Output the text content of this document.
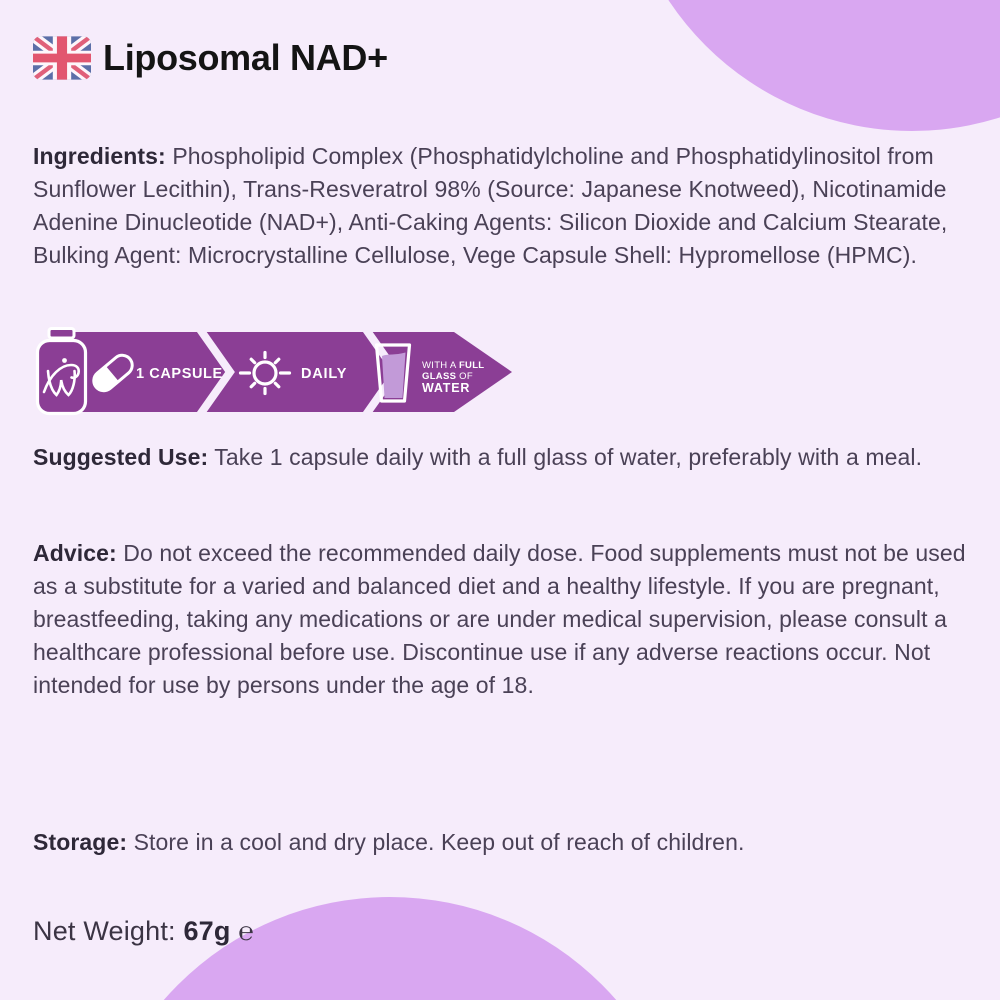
Liposomal NAD+

Ingredients: Phospholipid Complex (Phosphatidylcholine and Phosphatidylinositol from Sunflower Lecithin), Trans-Resveratrol 98% (Source: Japanese Knotweed), Nicotinamide Adenine Dinucleotide (NAD+), Anti-Caking Agents: Silicon Dioxide and Calcium Stearate, Bulking Agent: Microcrystalline Cellulose, Vege Capsule Shell: Hypromellose (HPMC).

1 CAPSULE	DAILY
WITH A FULL
GLASS OF
WATER

Suggested Use: Take 1 capsule daily with a full glass of water, preferably with a meal.

Advice: Do not exceed the recommended daily dose. Food supplements must not be used as a substitute for a varied and balanced diet and a healthy lifestyle. If you are pregnant, breastfeeding, taking any medications or are under medical supervision, please consult a healthcare professional before use. Discontinue use if any adverse reactions occur. Not intended for use by persons under the age of 18.

Storage: Store in a cool and dry place. Keep out of reach of children.

Net Weight: 67g ℮
